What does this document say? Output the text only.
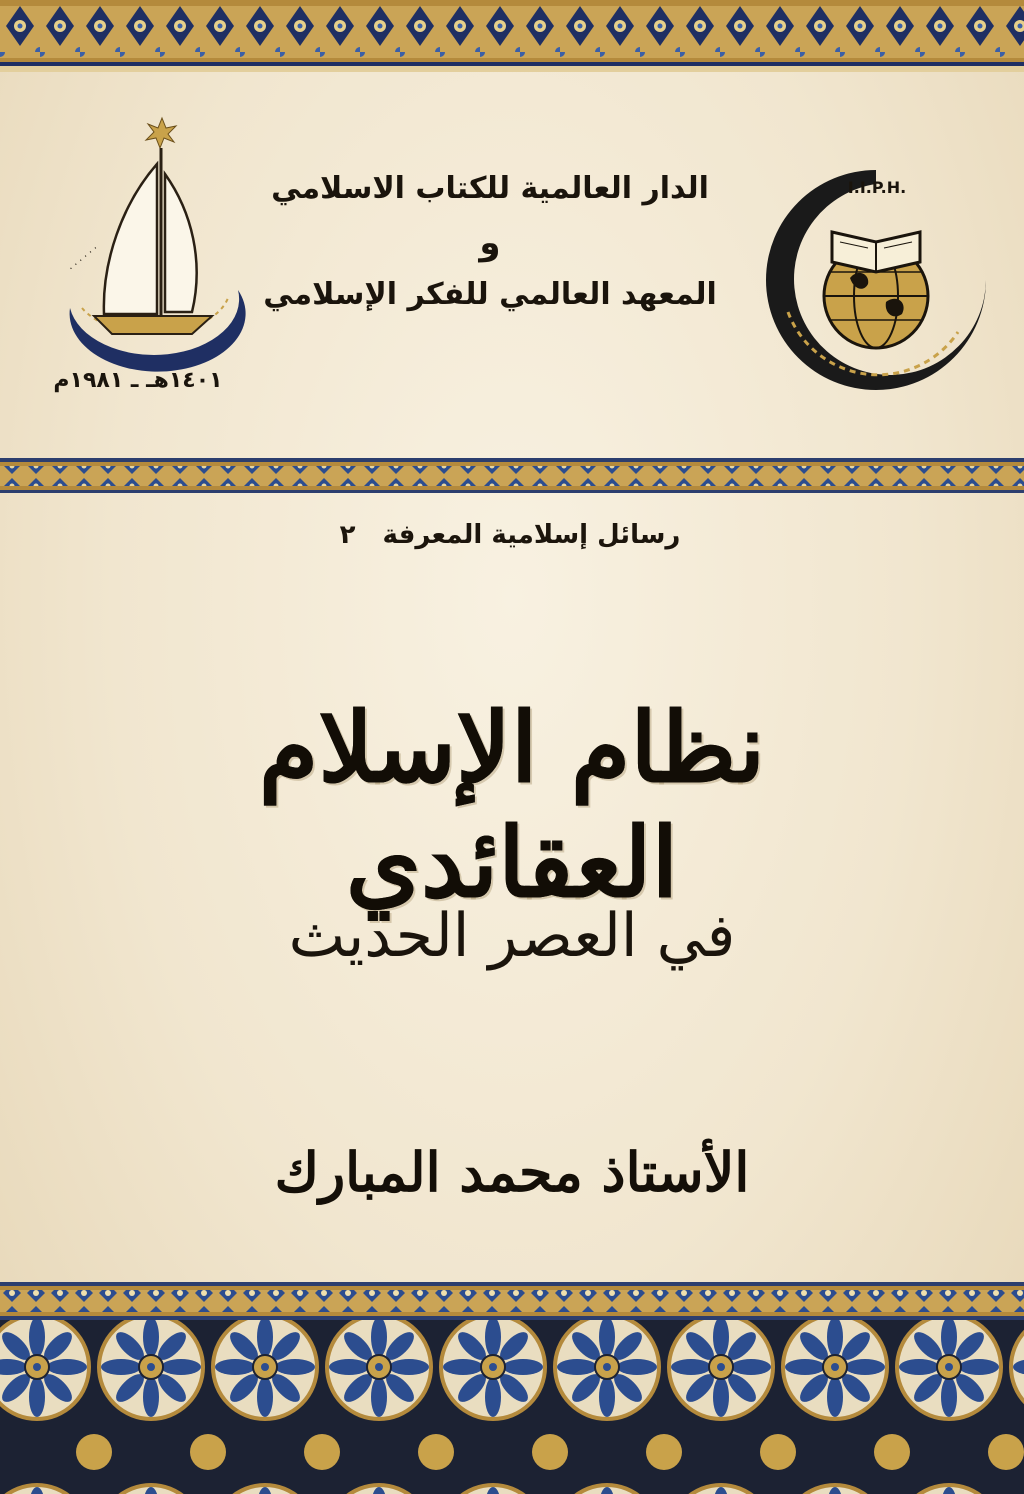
· · · · · ·
١٤٠١هـ ـ ١٩٨١م
الدار العالمية للكتاب الاسلامي
و
المعهد العالمي للفكر الإسلامي
I.I.P.H.
رسائل إسلامية المعرفة ٢
نظام الإسلام العقائدي
في العصر الحديث
الأستاذ محمد المبارك
